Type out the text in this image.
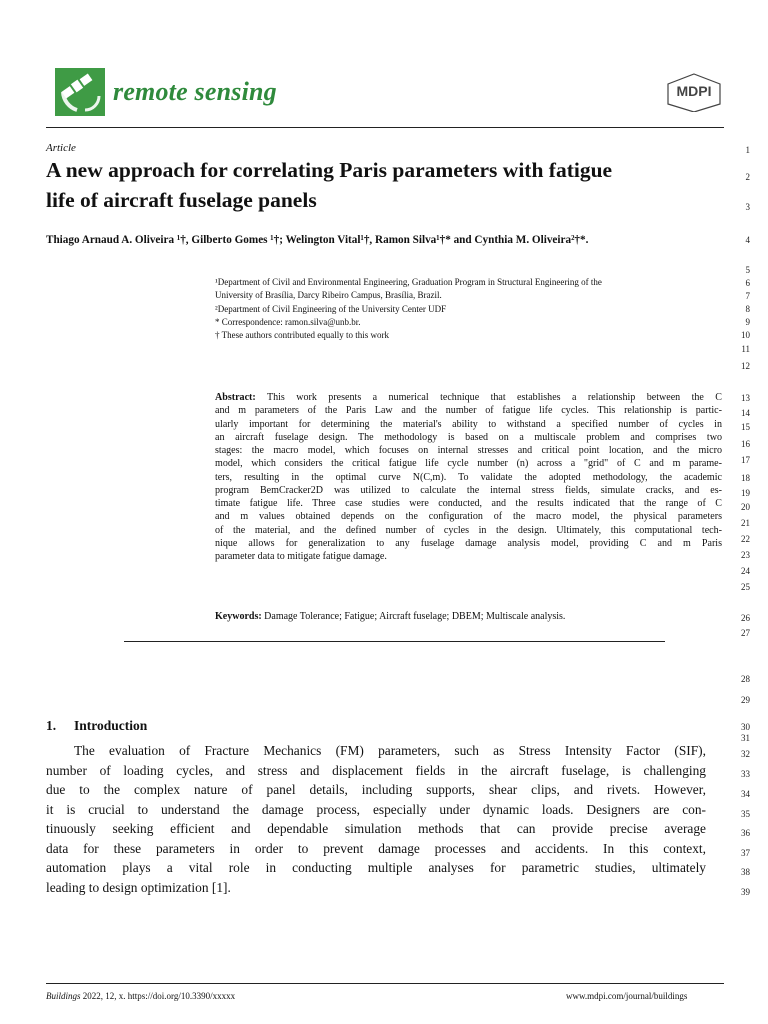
remote sensing	MDPI
Article
A new approach for correlating Paris parameters with fatigue
life of aircraft fuselage panels
Thiago Arnaud A. Oliveira ¹†, Gilberto Gomes ¹†; Welington Vital¹†, Ramon Silva¹†* and Cynthia M. Oliveira²†*.
¹Department of Civil and Environmental Engineering, Graduation Program in Structural Engineering of the
University of Brasília, Darcy Ribeiro Campus, Brasília, Brazil.
²Department of Civil Engineering of the University Center UDF
* Correspondence: ramon.silva@unb.br.
† These authors contributed equally to this work
Abstract: This work presents a numerical technique that establishes a relationship between the C
and m parameters of the Paris Law and the number of fatigue life cycles. This relationship is partic-
ularly important for determining the material's ability to withstand a specified number of cycles in
an aircraft fuselage design. The methodology is based on a multiscale problem and comprises two
stages: the macro model, which focuses on internal stresses and critical point location, and the micro
model, which considers the critical fatigue life cycle number (n) across a "grid" of C and m parame-
ters, resulting in the optimal curve N(C,m). To validate the adopted methodology, the academic
program BemCracker2D was utilized to calculate the internal stress fields, simulate cracks, and es-
timate fatigue life. Three case studies were conducted, and the results indicated that the range of C
and m values obtained depends on the configuration of the macro model, the physical parameters
of the material, and the defined number of cycles in the design. Ultimately, this computational tech-
nique allows for generalization to any fuselage damage analysis model, providing C and m Paris
parameter data to mitigate fatigue damage.
Keywords: Damage Tolerance; Fatigue; Aircraft fuselage; DBEM; Multiscale analysis.
1. Introduction
The evaluation of Fracture Mechanics (FM) parameters, such as Stress Intensity Factor (SIF),
number of loading cycles, and stress and displacement fields in the aircraft fuselage, is challenging
due to the complex nature of panel details, including supports, shear clips, and rivets. However,
it is crucial to understand the damage process, especially under dynamic loads. Designers are con-
tinuously seeking efficient and dependable simulation methods that can provide precise average
data for these parameters in order to prevent damage processes and accidents. In this context,
automation plays a vital role in conducting multiple analyses for parametric studies, ultimately
leading to design optimization [1].
1
2
3
4
5
6
7
8
9
10
11
12
13
14
15
16
17
18
19
20
21
22
23
24
25
26
27
28
29
30
31
32
33
34
35
36
37
38
39
Buildings 2022, 12, x. https://doi.org/10.3390/xxxxx	www.mdpi.com/journal/buildings
